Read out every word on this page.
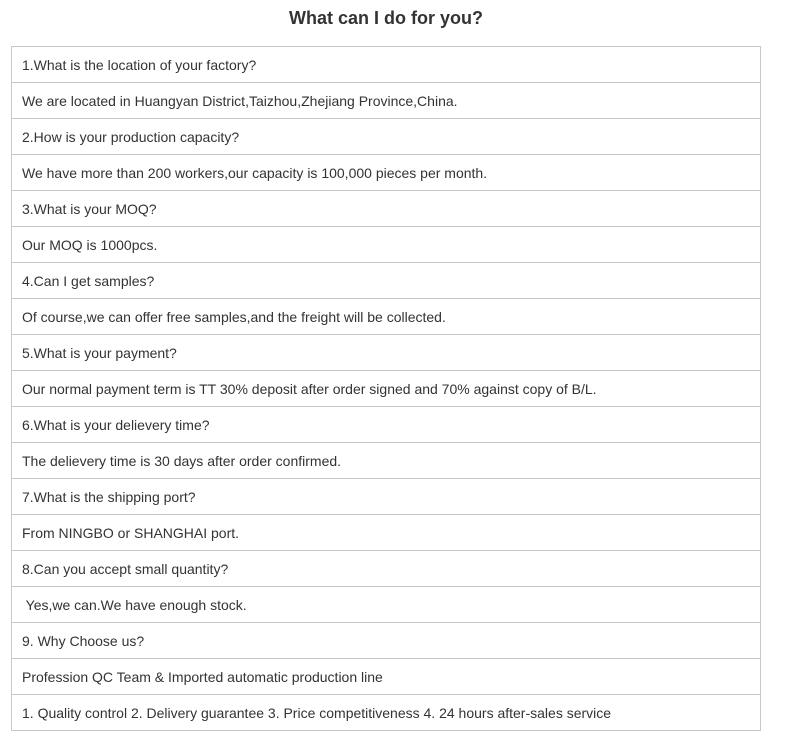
What can I do for you?
1.What is the location of your factory?
We are located in Huangyan District,Taizhou,Zhejiang Province,China.
2.How is your production capacity?
We have more than 200 workers,our capacity is 100,000 pieces per month.
3.What is your MOQ?
Our MOQ is 1000pcs.
4.Can I get samples?
Of course,we can offer free samples,and the freight will be collected.
5.What is your payment?
Our normal payment term is TT 30% deposit after order signed and 70% against copy of B/L.
6.What is your delievery time?
The delievery time is 30 days after order confirmed.
7.What is the shipping port?
From NINGBO or SHANGHAI port.
8.Can you accept small quantity?
Yes,we can.We have enough stock.
9. Why Choose us?
Profession QC Team & Imported automatic production line
1. Quality control 2. Delivery guarantee 3. Price competitiveness 4. 24 hours after-sales service
